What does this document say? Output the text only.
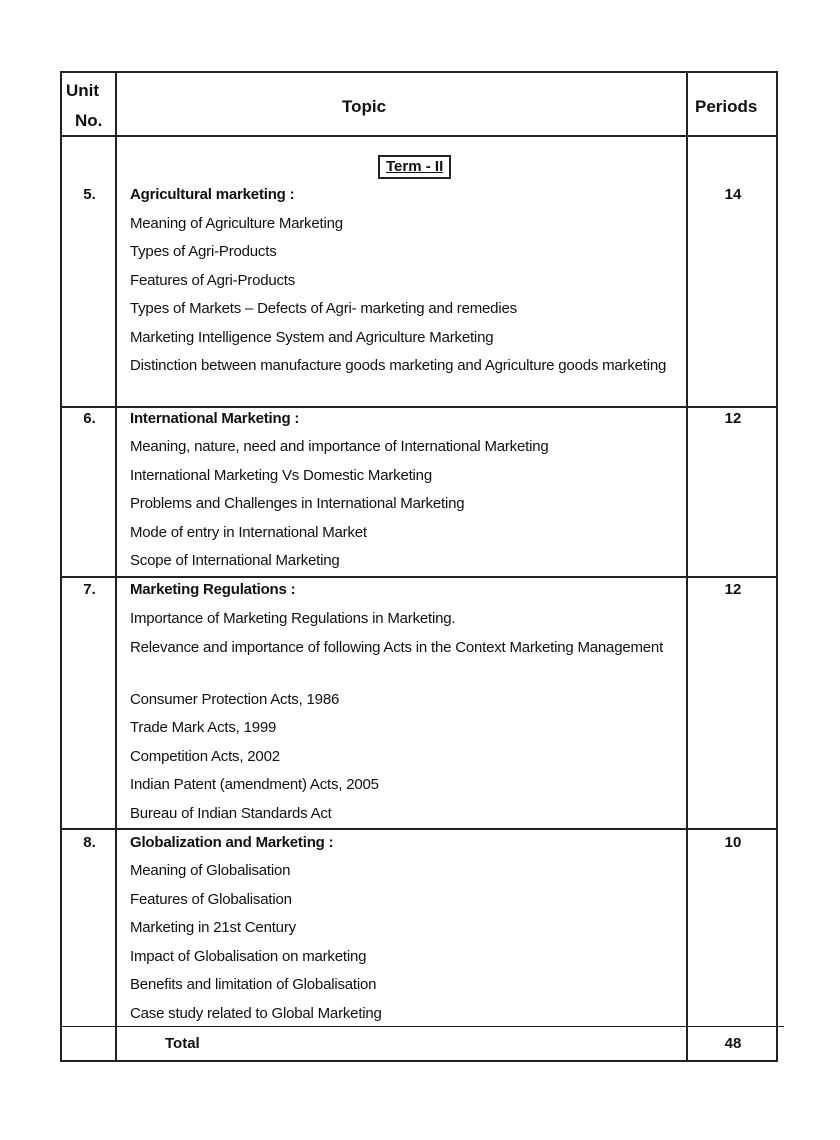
Unit
No.
Topic	Periods
Term - II
5.	Agricultural marketing :	14
Meaning of Agriculture Marketing
Types of Agri-Products
Features of Agri-Products
Types of Markets – Defects of Agri- marketing and remedies
Marketing Intelligence System and Agriculture Marketing
Distinction between manufacture goods marketing and Agriculture goods marketing
6.	International Marketing :	12
Meaning, nature, need and importance of International Marketing
International Marketing Vs Domestic Marketing
Problems and Challenges in International Marketing
Mode of entry in International Market
Scope of International Marketing
7.	Marketing Regulations :	12
Importance of Marketing Regulations in Marketing.
Relevance and importance of following Acts in the Context Marketing Management
Consumer Protection Acts, 1986
Trade Mark Acts, 1999
Competition Acts, 2002
Indian Patent (amendment) Acts, 2005
Bureau of Indian Standards Act
8.	Globalization and Marketing :	10
Meaning of Globalisation
Features of Globalisation
Marketing in 21st Century
Impact of Globalisation on marketing
Benefits and limitation of Globalisation
Case study related to Global Marketing
Total	48
